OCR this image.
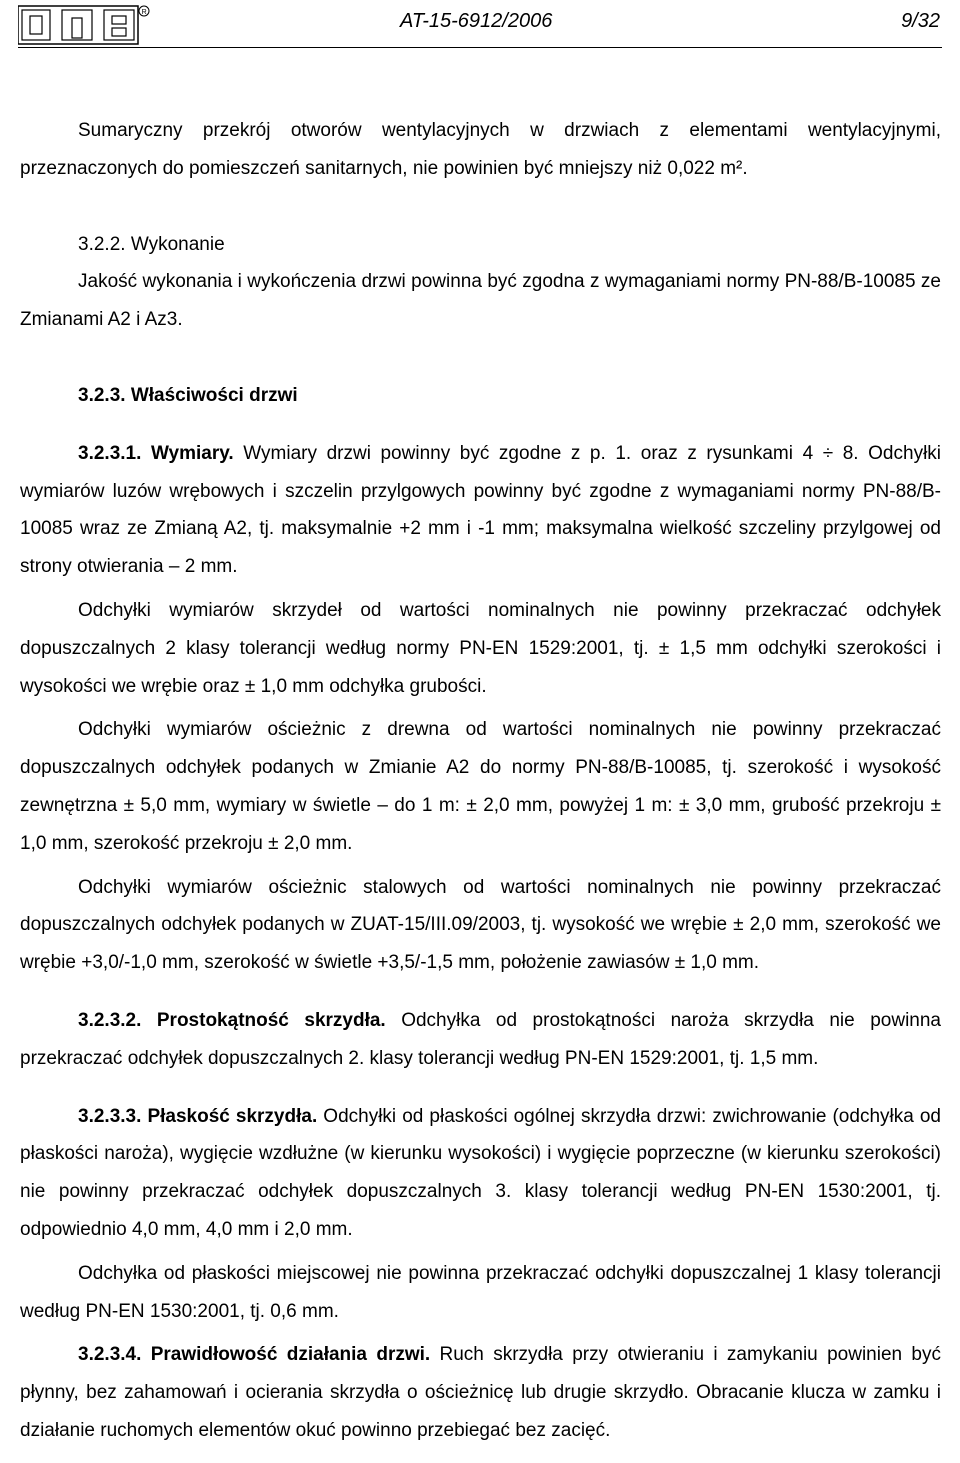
R	AT-15-6912/2006	9/32

Sumaryczny przekrój otworów wentylacyjnych w drzwiach z elementami wentylacyjnymi, przeznaczonych do pomieszczeń sanitarnych, nie powinien być mniejszy niż 0,022 m².

3.2.2. Wykonanie

Jakość wykonania i wykończenia drzwi powinna być zgodna z wymaganiami normy PN-88/B-10085 ze Zmianami A2 i Az3.

3.2.3. Właściwości drzwi

3.2.3.1. Wymiary. Wymiary drzwi powinny być zgodne z p. 1. oraz z rysunkami 4 ÷ 8. Odchyłki wymiarów luzów wrębowych i szczelin przylgowych powinny być zgodne z wymaganiami normy PN-88/B-10085 wraz ze Zmianą A2, tj. maksymalnie +2 mm i -1 mm; maksymalna wielkość szczeliny przylgowej od strony otwierania – 2 mm.

Odchyłki wymiarów skrzydeł od wartości nominalnych nie powinny przekraczać odchyłek dopuszczalnych 2 klasy tolerancji według normy PN-EN 1529:2001, tj. ± 1,5 mm odchyłki szerokości i wysokości we wrębie oraz ± 1,0 mm odchyłka grubości.

Odchyłki wymiarów ościeżnic z drewna od wartości nominalnych nie powinny przekraczać dopuszczalnych odchyłek podanych w Zmianie A2 do normy PN-88/B-10085, tj. szerokość i wysokość zewnętrzna ± 5,0 mm, wymiary w świetle – do 1 m: ± 2,0 mm, powyżej 1 m: ± 3,0 mm, grubość przekroju ± 1,0 mm, szerokość przekroju ± 2,0 mm.

Odchyłki wymiarów ościeżnic stalowych od wartości nominalnych nie powinny przekraczać dopuszczalnych odchyłek podanych w ZUAT-15/III.09/2003, tj. wysokość we wrębie ± 2,0 mm, szerokość we wrębie +3,0/-1,0 mm, szerokość w świetle +3,5/-1,5 mm, położenie zawiasów ± 1,0 mm.

3.2.3.2. Prostokątność skrzydła. Odchyłka od prostokątności naroża skrzydła nie powinna przekraczać odchyłek dopuszczalnych 2. klasy tolerancji według PN-EN 1529:2001, tj. 1,5 mm.

3.2.3.3. Płaskość skrzydła. Odchyłki od płaskości ogólnej skrzydła drzwi: zwichrowanie (odchyłka od płaskości naroża), wygięcie wzdłużne (w kierunku wysokości) i wygięcie poprzeczne (w kierunku szerokości) nie powinny przekraczać odchyłek dopuszczalnych 3. klasy tolerancji według PN-EN 1530:2001, tj. odpowiednio 4,0 mm, 4,0 mm i 2,0 mm.

Odchyłka od płaskości miejscowej nie powinna przekraczać odchyłki dopuszczalnej 1 klasy tolerancji według PN-EN 1530:2001, tj. 0,6 mm.

3.2.3.4. Prawidłowość działania drzwi. Ruch skrzydła przy otwieraniu i zamykaniu powinien być płynny, bez zahamowań i ocierania skrzydła o ościeżnicę lub drugie skrzydło. Obracanie klucza w zamku i działanie ruchomych elementów okuć powinno przebiegać bez zacięć.
